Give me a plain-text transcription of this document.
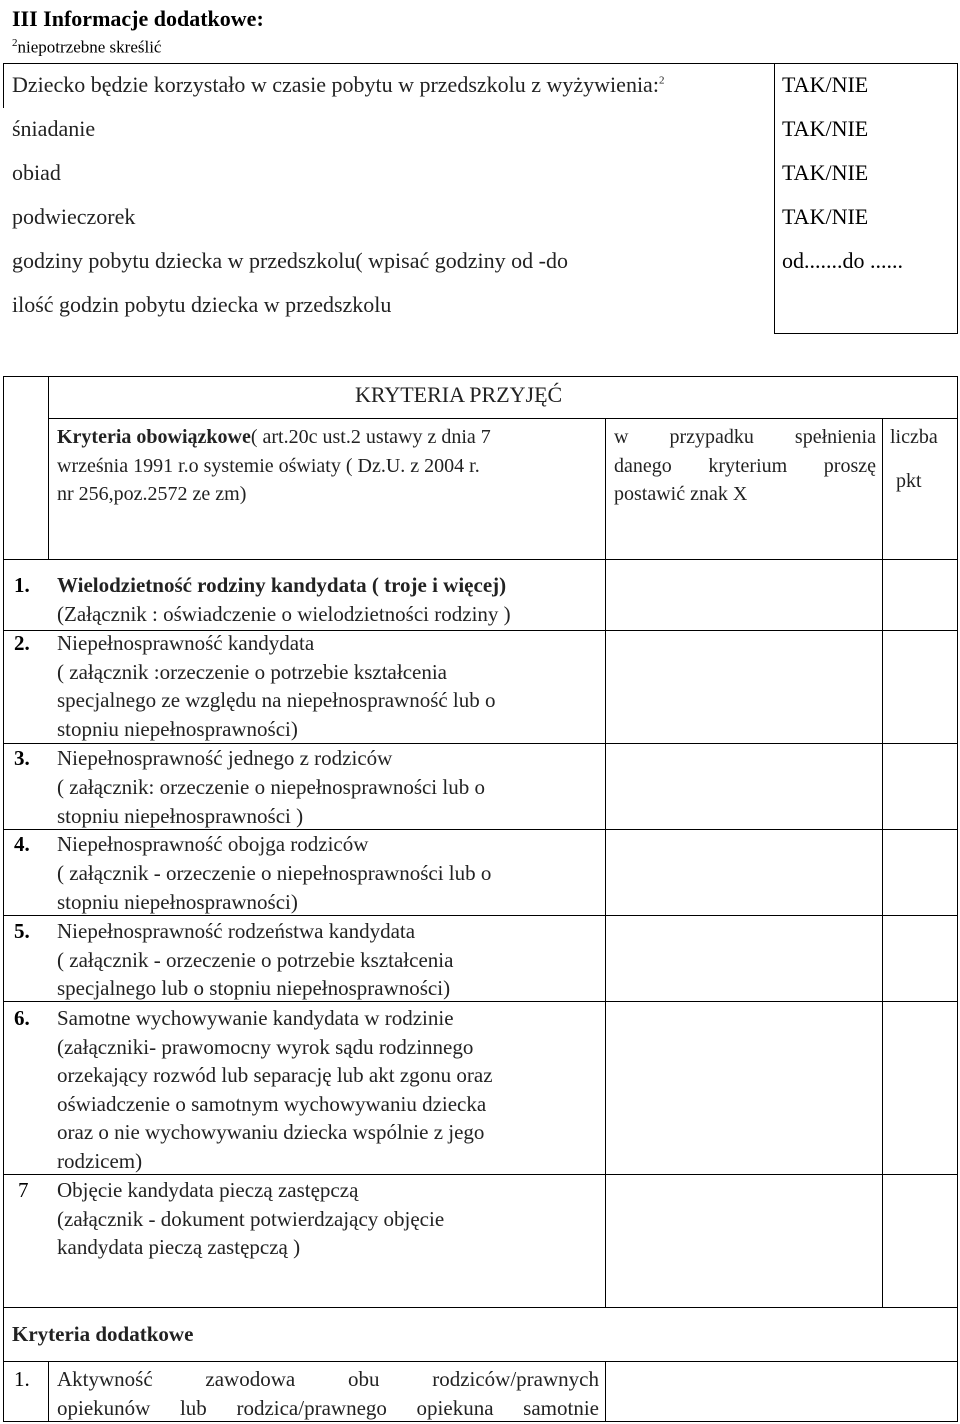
III Informacje dodatkowe:
$^2$niepotrzebne skreślić
Dziecko będzie korzystało w czasie pobytu w przedszkolu z wyżywienia:$^2$
śniadanie
obiad
podwieczorek
godziny pobytu dziecka w przedszkolu( wpisać godziny od -do
ilość godzin pobytu dziecka w przedszkolu
TAK/NIE
TAK/NIE
TAK/NIE
TAK/NIE
od.......do ......
KRYTERIA PRZYJĘĆ
Kryteria obowiązkowe( art.20c ust.2 ustawy z dnia 7
września 1991 r.o systemie oświaty ( Dz.U. z 2004 r.
nr 256,poz.2572 ze zm)
w przypadku spełnienia
danego kryterium proszę
postawić znak X
liczba
pkt
1. Wielodzietność rodziny kandydata ( troje i więcej)
(Załącznik : oświadczenie o wielodzietności rodziny )
2. Niepełnosprawność kandydata
( załącznik :orzeczenie o potrzebie kształcenia
specjalnego ze względu na niepełnosprawność lub o
stopniu niepełnosprawności)
3. Niepełnosprawność jednego z rodziców
( załącznik: orzeczenie o niepełnosprawności lub o
stopniu niepełnosprawności )
4. Niepełnosprawność obojga rodziców
( załącznik - orzeczenie o niepełnosprawności lub o
stopniu niepełnosprawności)
5. Niepełnosprawność rodzeństwa kandydata
( załącznik - orzeczenie o potrzebie kształcenia
specjalnego lub o stopniu niepełnosprawności)
6. Samotne wychowywanie kandydata w rodzinie
(załączniki- prawomocny wyrok sądu rodzinnego
orzekający rozwód lub separację lub akt zgonu oraz
oświadczenie o samotnym wychowywaniu dziecka
oraz o nie wychowywaniu dziecka wspólnie z jego
rodzicem)
7 Objęcie kandydata pieczą zastępczą
(załącznik - dokument potwierdzający objęcie
kandydata pieczą zastępczą )
Kryteria dodatkowe
1. Aktywność zawodowa obu rodziców/prawnych
opiekunów lub rodzica/prawnego opiekuna samotnie
